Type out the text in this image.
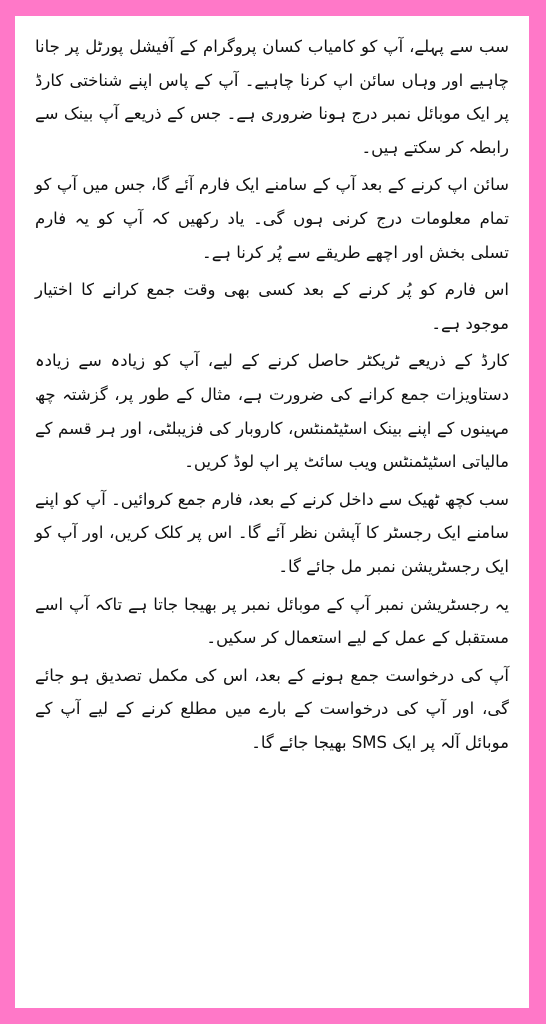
سب سے پہلے، آپ کو کامیاب کسان پروگرام کے آفیشل پورٹل پر جانا چاہیے اور وہاں سائن اپ کرنا چاہیے۔ آپ کے پاس اپنے شناختی کارڈ پر ایک موبائل نمبر درج ہونا ضروری ہے۔ جس کے ذریعے آپ بینک سے رابطہ کر سکتے ہیں۔

سائن اپ کرنے کے بعد آپ کے سامنے ایک فارم آئے گا، جس میں آپ کو تمام معلومات درج کرنی ہوں گی۔ یاد رکھیں کہ آپ کو یہ فارم تسلی بخش اور اچھے طریقے سے پُر کرنا ہے۔

اس فارم کو پُر کرنے کے بعد کسی بھی وقت جمع کرانے کا اختیار موجود ہے۔

کارڈ کے ذریعے ٹریکٹر حاصل کرنے کے لیے، آپ کو زیادہ سے زیادہ دستاویزات جمع کرانے کی ضرورت ہے، مثال کے طور پر، گزشتہ چھ مہینوں کے اپنے بینک اسٹیٹمنٹس، کاروبار کی فزیبلٹی، اور ہر قسم کے مالیاتی اسٹیٹمنٹس ویب سائٹ پر اپ لوڈ کریں۔

سب کچھ ٹھیک سے داخل کرنے کے بعد، فارم جمع کروائیں۔ آپ کو اپنے سامنے ایک رجسٹر کا آپشن نظر آئے گا۔ اس پر کلک کریں، اور آپ کو ایک رجسٹریشن نمبر مل جائے گا۔

یہ رجسٹریشن نمبر آپ کے موبائل نمبر پر بھیجا جاتا ہے تاکہ آپ اسے مستقبل کے عمل کے لیے استعمال کر سکیں۔

آپ کی درخواست جمع ہونے کے بعد، اس کی مکمل تصدیق ہو جائے گی، اور آپ کی درخواست کے بارے میں مطلع کرنے کے لیے آپ کے موبائل آلہ پر ایک SMS بھیجا جائے گا۔
